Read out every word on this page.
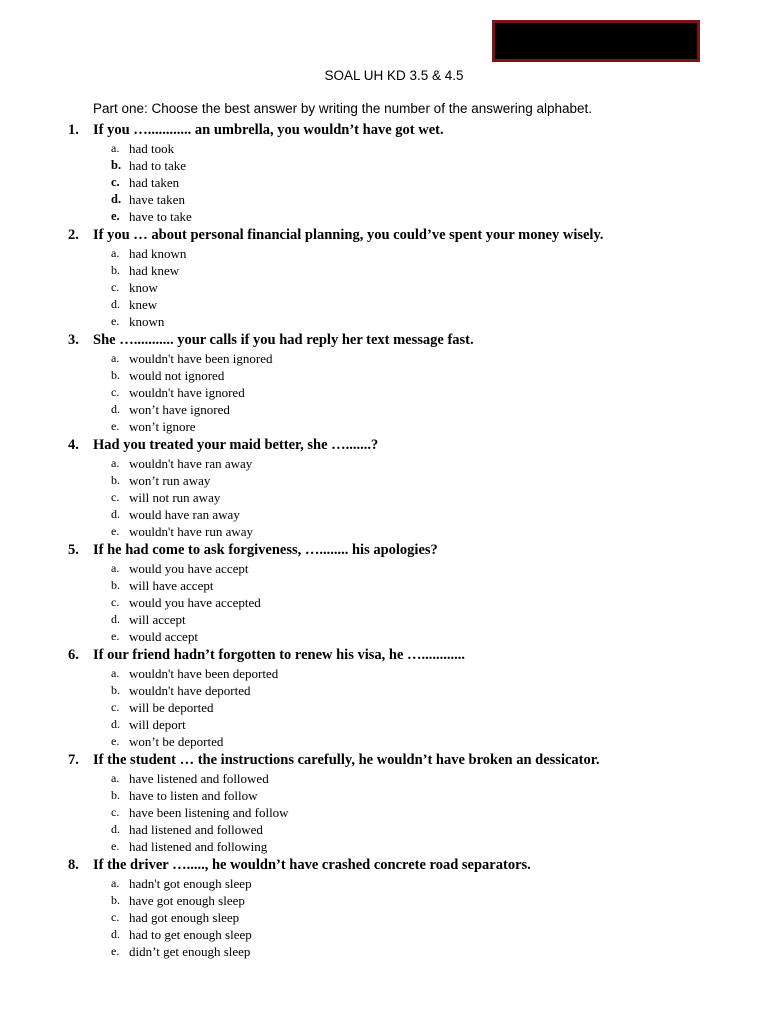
SOAL UH KD 3.5 & 4.5
Part one: Choose the best answer by writing the number of the answering alphabet.
1. If you …............ an umbrella, you wouldn’t have got wet.
a. had took
b. had to take
c. had taken
d. have taken
e. have to take
2. If you … about personal financial planning, you could’ve spent your money wisely.
a. had known
b. had knew
c. know
d. knew
e. known
3. She …........... your calls if you had reply her text message fast.
a. wouldn't have been ignored
b. would not ignored
c. wouldn't have ignored
d. won’t have ignored
e. won’t ignore
4. Had you treated your maid better, she ….......?
a. wouldn't have ran away
b. won’t run away
c. will not run away
d. would have ran away
e. wouldn't have run away
5. If he had come to ask forgiveness, …........ his apologies?
a. would you have accept
b. will have accept
c. would you have accepted
d. will accept
e. would accept
6. If our friend hadn’t forgotten to renew his visa, he …............
a. wouldn't have been deported
b. wouldn't have deported
c. will be deported
d. will deport
e. won’t be deported
7. If the student … the instructions carefully, he wouldn’t have broken an dessicator.
a. have listened and followed
b. have to listen and follow
c. have been listening and follow
d. had listened and followed
e. had listened and following
8. If the driver …....., he wouldn’t have crashed concrete road separators.
a. hadn't got enough sleep
b. have got enough sleep
c. had got enough sleep
d. had to get enough sleep
e. didn’t get enough sleep
